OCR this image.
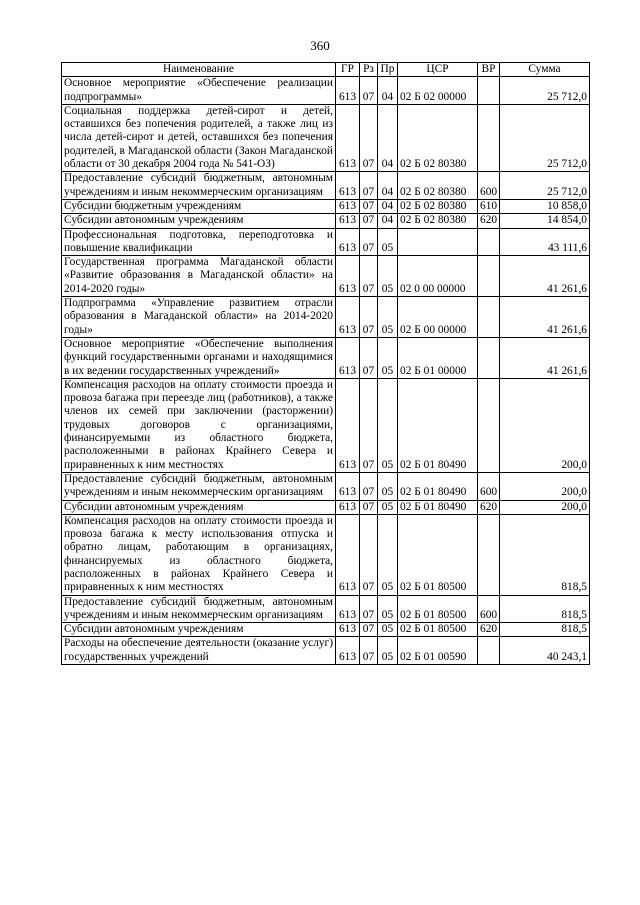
360
Наименование	ГР	Рз	Пр	ЦСР	ВР	Сумма
Основное мероприятие «Обеспечение реализации подпрограммы»	613	07	04	02 Б 02 00000		25 712,0
Социальная поддержка детей-сирот и детей, оставшихся без попечения родителей, а также лиц из числа детей-сирот и детей, оставшихся без попечения родителей, в Магаданской области (Закон Магаданской области от 30 декабря 2004 года № 541-ОЗ)	613	07	04	02 Б 02 80380		25 712,0
Предоставление субсидий бюджетным, автономным учреждениям и иным некоммерческим организациям	613	07	04	02 Б 02 80380	600	25 712,0
Субсидии бюджетным учреждениям	613	07	04	02 Б 02 80380	610	10 858,0
Субсидии автономным учреждениям	613	07	04	02 Б 02 80380	620	14 854,0
Профессиональная подготовка, переподготовка и повышение квалификации	613	07	05			43 111,6
Государственная программа Магаданской области «Развитие образования в Магаданской области» на 2014-2020 годы»	613	07	05	02 0 00 00000		41 261,6
Подпрограмма «Управление развитием отрасли образования в Магаданской области» на 2014-2020 годы»	613	07	05	02 Б 00 00000		41 261,6
Основное мероприятие «Обеспечение выполнения функций государственными органами и находящимися в их ведении государственных учреждений»	613	07	05	02 Б 01 00000		41 261,6
Компенсация расходов на оплату стоимости проезда и провоза багажа при переезде лиц (работников), а также членов их семей при заключении (расторжении) трудовых договоров с организациями, финансируемыми из областного бюджета, расположенными в районах Крайнего Севера и приравненных к ним местностях	613	07	05	02 Б 01 80490		200,0
Предоставление субсидий бюджетным, автономным учреждениям и иным некоммерческим организациям	613	07	05	02 Б 01 80490	600	200,0
Субсидии автономным учреждениям	613	07	05	02 Б 01 80490	620	200,0
Компенсация расходов на оплату стоимости проезда и провоза багажа к месту использования отпуска и обратно лицам, работающим в организациях, финансируемых из областного бюджета, расположенных в районах Крайнего Севера и приравненных к ним местностях	613	07	05	02 Б 01 80500		818,5
Предоставление субсидий бюджетным, автономным учреждениям и иным некоммерческим организациям	613	07	05	02 Б 01 80500	600	818,5
Субсидии автономным учреждениям	613	07	05	02 Б 01 80500	620	818,5
Расходы на обеспечение деятельности (оказание услуг) государственных учреждений	613	07	05	02 Б 01 00590		40 243,1
